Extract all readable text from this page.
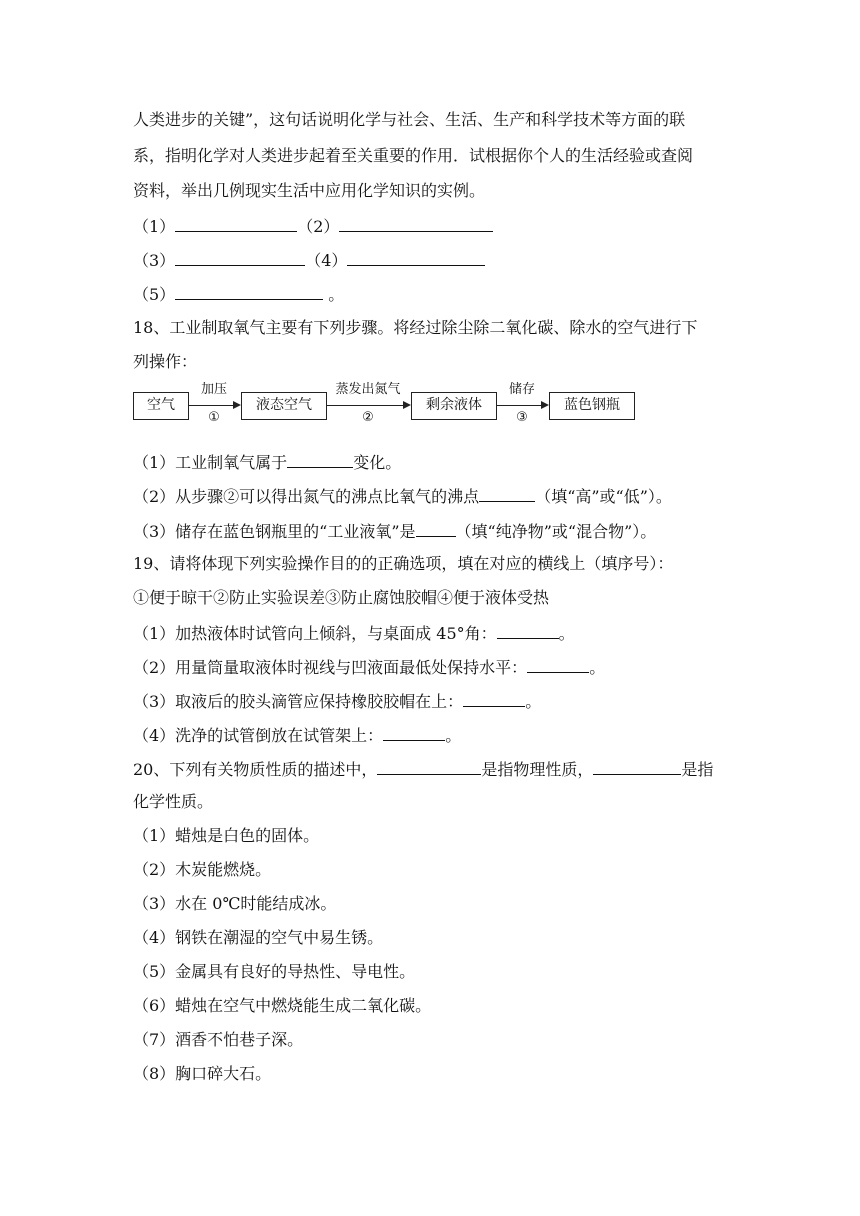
人类进步的关键”，这句话说明化学与社会、生活、生产和科学技术等方面的联
系，指明化学对人类进步起着至关重要的作用．试根据你个人的生活经验或查阅
资料，举出几例现实生活中应用化学知识的实例。
（1）	（2）
（3）	（4）
（5）	。
18、工业制取氧气主要有下列步骤。将经过除尘除二氧化碳、除水的空气进行下
列操作：
空气
加压
①
液态空气
蒸发出氮气
②
剩余液体
储存
③
蓝色钢瓶
（1）工业制氧气属于	变化。
（2）从步骤②可以得出氮气的沸点比氧气的沸点	（填“高”或“低”）。
（3）储存在蓝色钢瓶里的“工业液氧”是	（填“纯净物”或“混合物”）。
19、请将体现下列实验操作目的的正确选项，填在对应的横线上（填序号）：
①便于晾干②防止实验误差③防止腐蚀胶帽④便于液体受热
（1）加热液体时试管向上倾斜，与桌面成 45°角：	。
（2）用量筒量取液体时视线与凹液面最低处保持水平：	。
（3）取液后的胶头滴管应保持橡胶胶帽在上：	。
（4）洗净的试管倒放在试管架上：	。
20、下列有关物质性质的描述中，	是指物理性质，	是指
化学性质。
（1）蜡烛是白色的固体。
（2）木炭能燃烧。
（3）水在 0℃时能结成冰。
（4）钢铁在潮湿的空气中易生锈。
（5）金属具有良好的导热性、导电性。
（6）蜡烛在空气中燃烧能生成二氧化碳。
（7）酒香不怕巷子深。
（8）胸口碎大石。
